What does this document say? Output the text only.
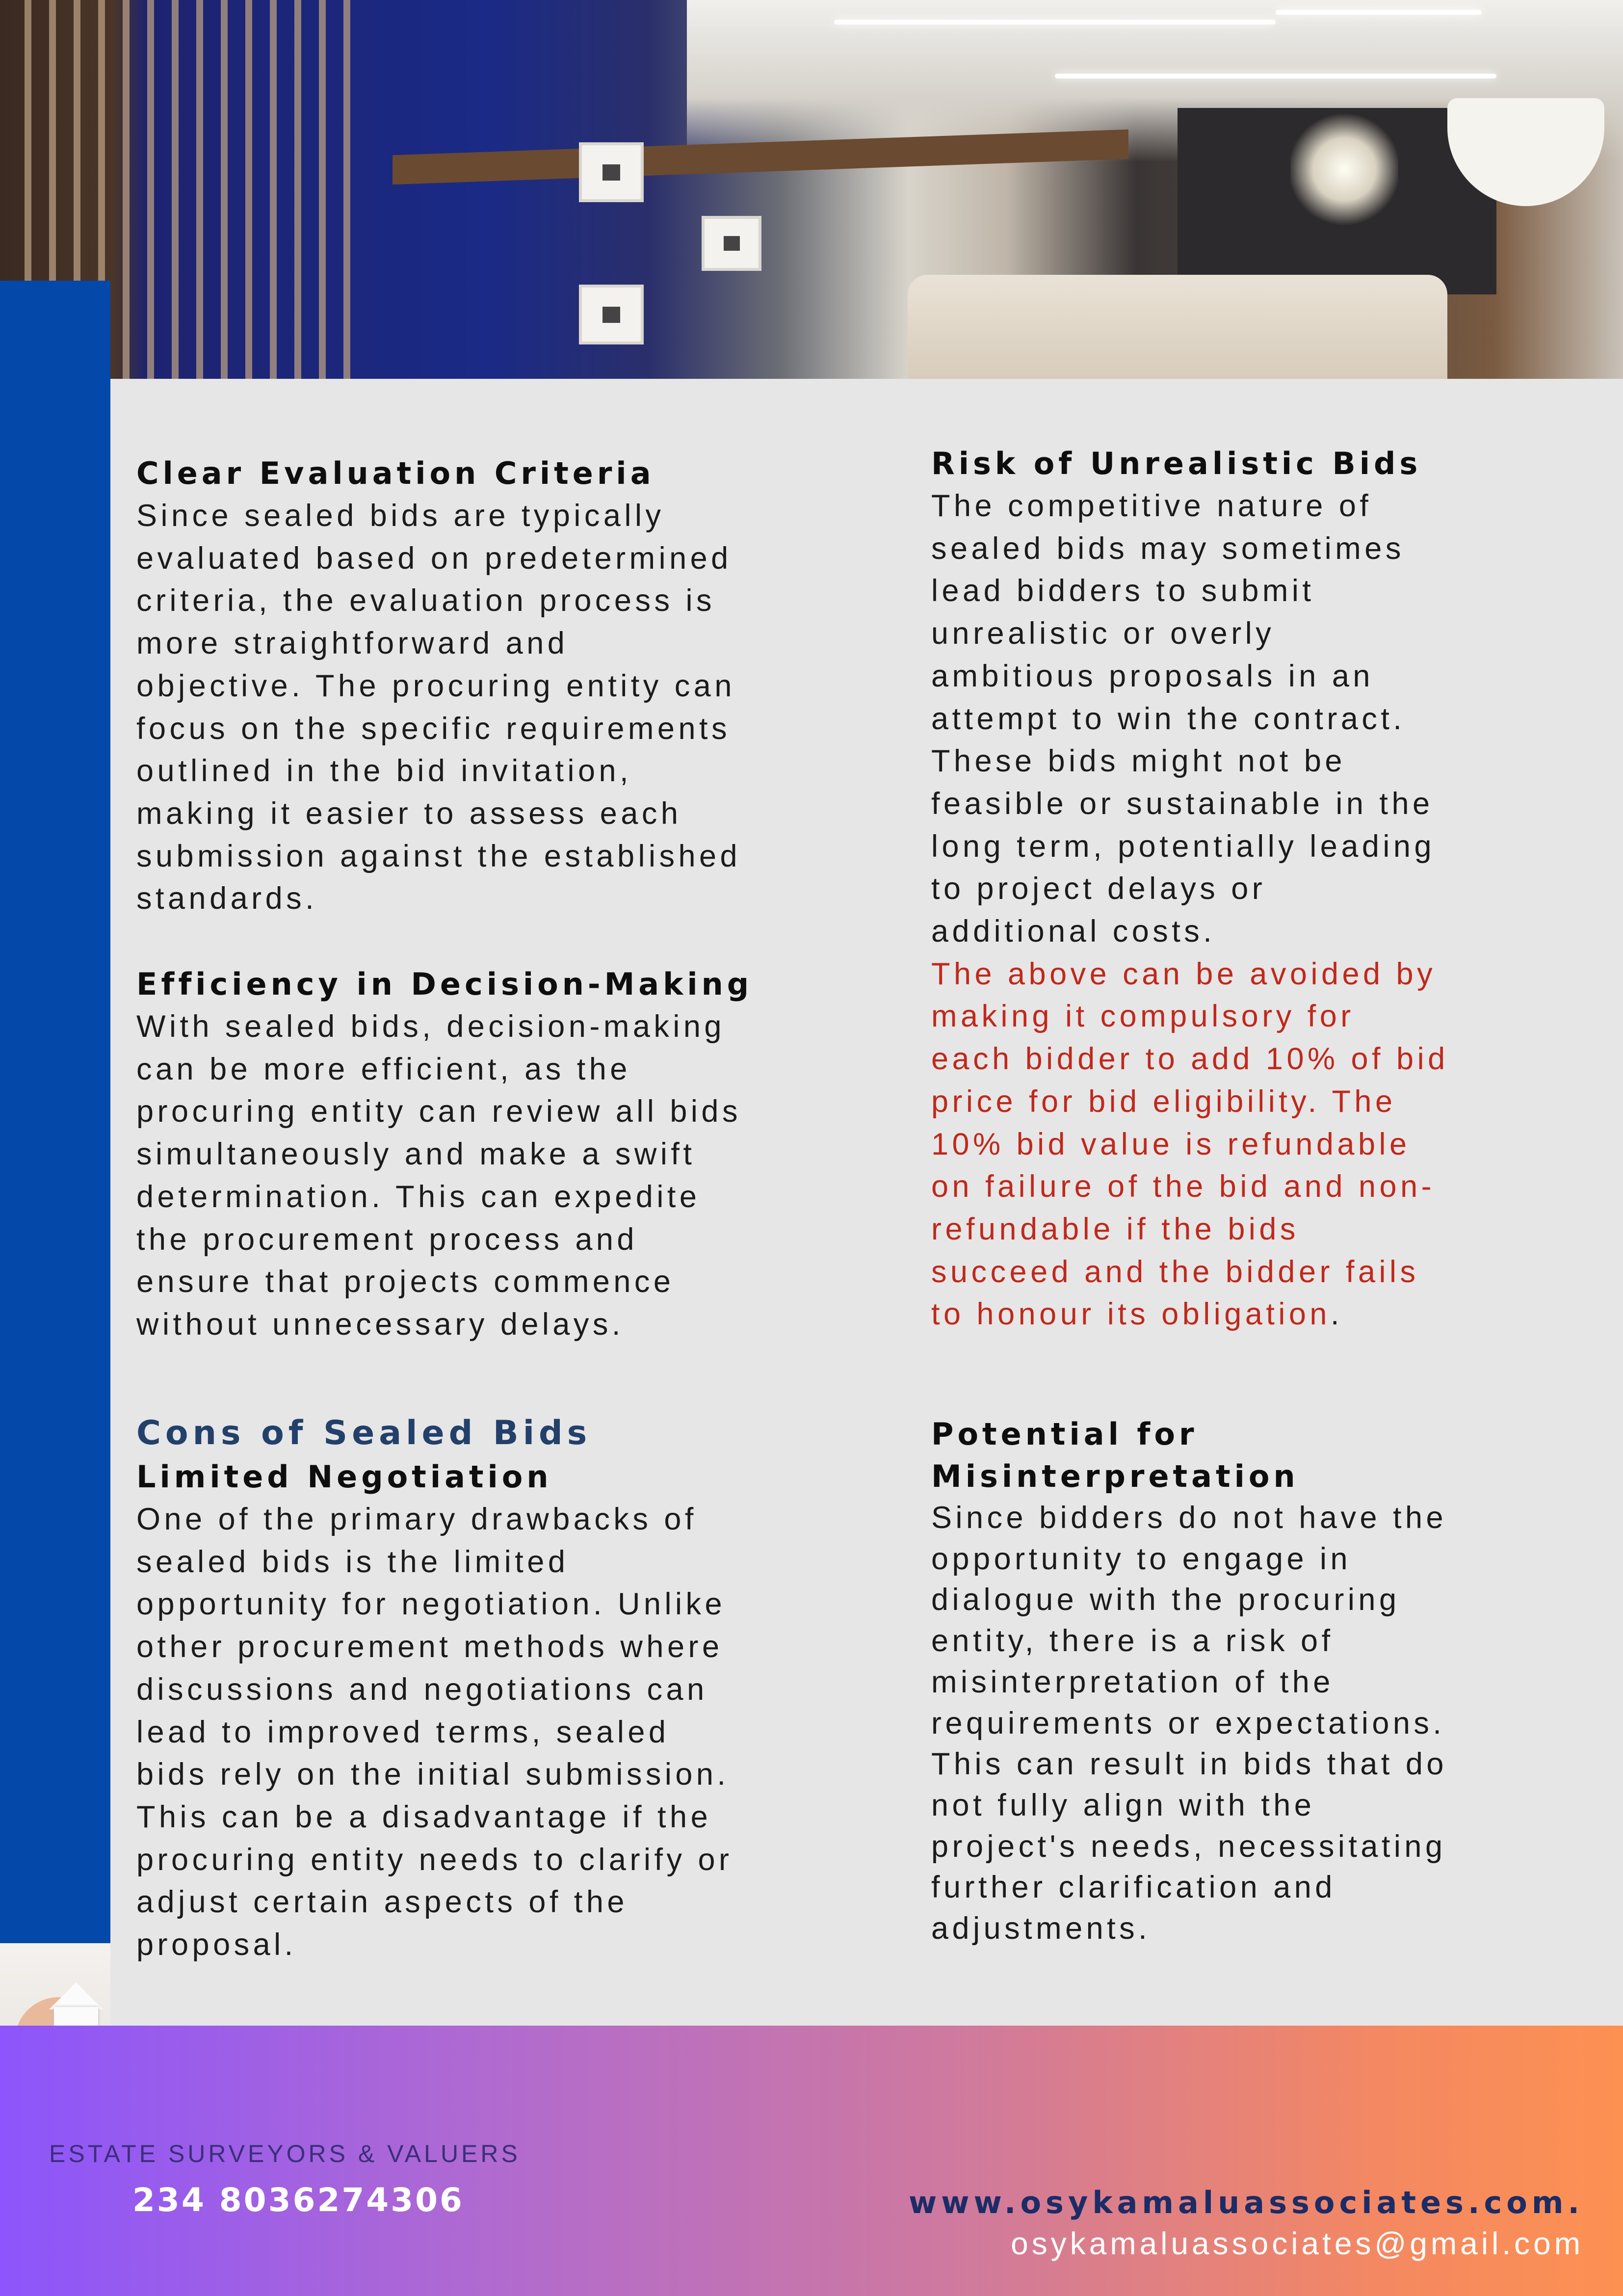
Clear Evaluation Criteria

Since sealed bids are typically

evaluated based on predetermined

criteria, the evaluation process is

more straightforward and

objective. The procuring entity can

focus on the specific requirements

outlined in the bid invitation,

making it easier to assess each

submission against the established

standards.

Efficiency in Decision-Making

With sealed bids, decision-making

can be more efficient, as the

procuring entity can review all bids

simultaneously and make a swift

determination. This can expedite

the procurement process and

ensure that projects commence

without unnecessary delays.

Cons of Sealed Bids

Limited Negotiation

One of the primary drawbacks of

sealed bids is the limited

opportunity for negotiation. Unlike

other procurement methods where

discussions and negotiations can

lead to improved terms, sealed

bids rely on the initial submission.

This can be a disadvantage if the

procuring entity needs to clarify or

adjust certain aspects of the

proposal.

Risk of Unrealistic Bids

The competitive nature of

sealed bids may sometimes

lead bidders to submit

unrealistic or overly

ambitious proposals in an

attempt to win the contract.

These bids might not be

feasible or sustainable in the

long term, potentially leading

to project delays or

additional costs.

The above can be avoided by

making it compulsory for

each bidder to add 10% of bid

price for bid eligibility. The

10% bid value is refundable

on failure of the bid and non-

refundable if the bids

succeed and the bidder fails

to honour its obligation.

Potential for

Misinterpretation

Since bidders do not have the

opportunity to engage in

dialogue with the procuring

entity, there is a risk of

misinterpretation of the

requirements or expectations.

This can result in bids that do

not fully align with the

project's needs, necessitating

further clarification and

adjustments.

ESTATE SURVEYORS & VALUERS
234 8036274306	www.osykamaluassociates.com.
osykamaluassociates@gmail.com
